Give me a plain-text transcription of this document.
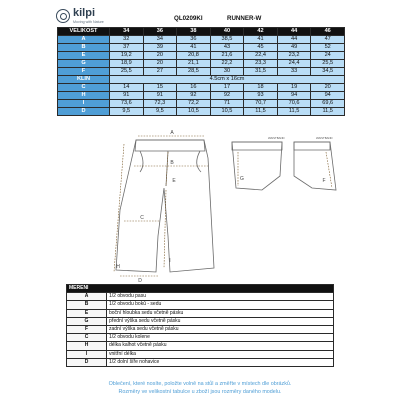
kilpi
Moving with Nature	QL0209KI	RUNNER-W
VELIKOST	34	36	38	40	42	44	46
A	32	34	36	38,5	41	44	47
B	37	39	41	43	45	49	52
E	19,2	20	20,8	21,6	22,4	23,2	24
G	18,9	20	21,1	22,2	23,3	24,4	25,5
F	25,5	27	28,5	30	31,5	33	34,5
KLÍN	4.5cm x 16cm						
C	14	15	16	17	18	19	20
H	91	91	92	92	93	94	94
I	73,6	72,3	72,2	71	70,7	70,6	69,6
D	9,5	9,5	10,5	10,5	11,5	11,5	11,5
A
B
E
C
H
I
D
G	F
WAISTBAND	WAISTBAND
MĚŘENÍ	
A	1/2 obvodu pasu
B	1/2 obvodu boků - sedu
E	boční hloubka sedu včetně pásku
G	přední výška sedu včetně pásku
F	zadní výška sedu včetně pásku
C	1/2 obvodu kolene
H	délka kalhot včetně pásku
I	vnitřní délka
D	1/2 dolní šíře nohavice
Oblečení, které nosíte, položte volně na stůl a změřte v místech dle obrázků.
Rozměry ve velikostní tabulce u zboží jsou rozměry daného modelu.
